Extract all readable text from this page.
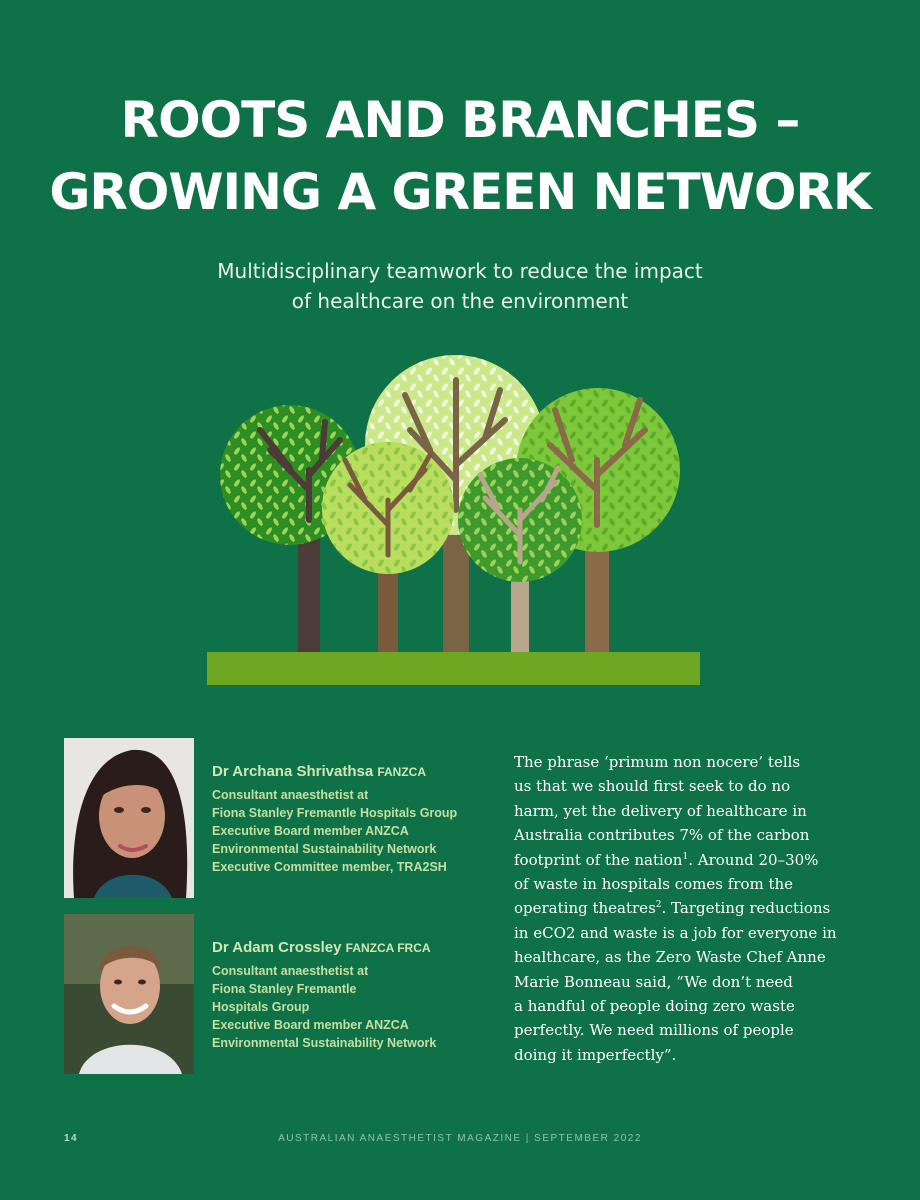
ROOTS AND BRANCHES –
GROWING A GREEN NETWORK

Multidisciplinary teamwork to reduce the impact
of healthcare on the environment

Dr Archana Shrivathsa FANZCA
Consultant anaesthetist at
Fiona Stanley Fremantle Hospitals Group
Executive Board member ANZCA
Environmental Sustainability Network
Executive Committee member, TRA2SH
Dr Adam Crossley FANZCA FRCA
Consultant anaesthetist at
Fiona Stanley Fremantle
Hospitals Group
Executive Board member ANZCA
Environmental Sustainability Network
The phrase ‘primum non nocere’ tells
us that we should first seek to do no
harm, yet the delivery of healthcare in
Australia contributes 7% of the carbon
footprint of the nation$^1$. Around 20–30%
of waste in hospitals comes from the
operating theatres$^2$. Targeting reductions
in eCO2 and waste is a job for everyone in
healthcare, as the Zero Waste Chef Anne
Marie Bonneau said, “We don’t need
a handful of people doing zero waste
perfectly. We need millions of people
doing it imperfectly”.
AUSTRALIAN ANAESTHETIST MAGAZINE | SEPTEMBER 2022
14
